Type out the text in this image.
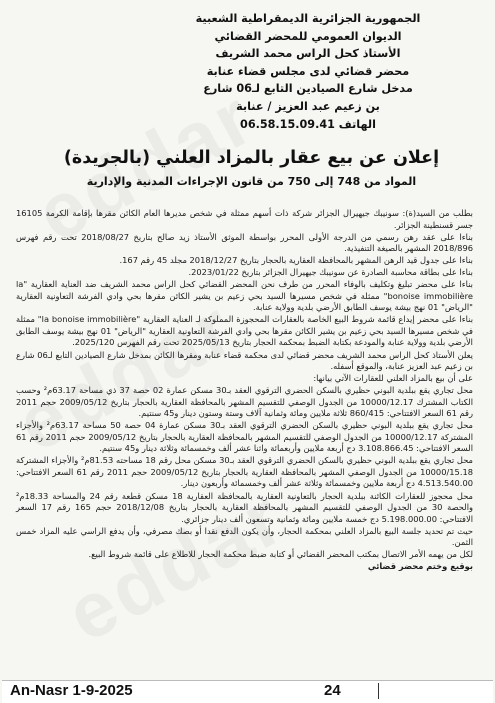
الجمهورية الجزائرية الديمقراطية الشعبية
الديوان العمومي للمحضر القضائي
الأستاذ كحل الراس محمد الشريف
محضر قضائي لدى مجلس قضاء عنابة
مدخل شارع الصيادين التابع لـ06 شارع
بن زعيم عبد العزيز / عنابة
الهاتف 06.58.15.09.41
إعلان عن بيع عقار بالمزاد العلني (بالجريدة)
المواد من 748 إلى 750 من قانون الإجراءات المدنية والإدارية
بطلب من السيد(ة): سونيبك جيهيرال الجزائر شركة ذات أسهم ممثلة في شخص مديرها العام الكائن مقرها بإقامة الكرمة 16105 جسر قسنطينة الجزائر.
بناءا على عقد رهن رسمي من الدرجة الأولى المحرر بواسطة الموثق الأستاذ زيد صالح بتاريخ 2018/08/27 تحت رقم فهرس 2018/896 المشهر بالصيغة التنفيذية.
بناءا على جدول قيد الرهن المشهر بالمحافظة العقارية بالحجار بتاريخ 2018/12/27 مجلد 45 رقم 167.
بناءا على بطاقة محاسبة الصادرة عن سونيبك جيهيرال الجزائر بتاريخ 2023/01/22.
بناءا على محضر تبليغ وتكليف بالوفاء المحرر من طرف نحن المحضر القضائي كحل الراس محمد الشريف ضد العناية العقارية "la bonoise immobilière" ممثلة في شخص مسيرها السيد بحي زعيم بن يشير الكائن مقرها بحي وادي الفرشة التعاونية العقارية "الرياض" 01 نهج بيشة يوسف الطابق الأرضي بلدية وولاية عنابة.
بناءا على محضر إيداع قائمة شروط البيع الخاصة بالعقارات المحجوزة المملوكة لـ العناية العقارية "la bonoise immobilière" ممثلة في شخص مسيرها السيد بحي زعيم بن يشير الكائن مقرها بحي وادي الفرشة التعاونية العقارية "الرياض" 01 نهج بيشة يوسف الطابق الأرضي بلدية وولاية عنابة والمودعة بكتابة الضبط بمحكمة الحجار بتاريخ 2025/05/13 تحت رقم الفهرس 2025/120.
يعلن الأستاذ كحل الراس محمد الشريف محضر قضائي لدى محكمة قضاء عنابة ومقرها الكائن بمدخل شارع الصيادين التابع لـ06 شارع بن زعيم عبد العزيز عنابة، والموقع أسفله.
على أن بيع بالمزاد العلني للعقارات الآتي بيانها:
محل تجاري يقع ببلدية البوني حظيري بالسكن الحضري الترقوي العقد بـ30 مسكن عمارة 02 حصة 37 ذي مساحة 63.17م² وحسب الكتاب المشترك 10000/12.17 من الجدول الوصفي للتقسيم المشهر بالمحافظة العقارية بالحجار بتاريخ 2009/05/12 حجم 2011 رقم 61 السعر الافتتاحي: 860/415 ثلاثة ملايين ومائة وثمانية آلاف وستة وستون دينار و45 سنتيم.
محل تجاري يقع ببلدية البوني حظيري بالسكن الحضري الترقوي العقد بـ30 مسكن عمارة 04 حصة 50 مساحة 63.17م² والأجزاء المشتركة 10000/12.17 من الجدول الوصفي للتقسيم المشهر بالمحافظة العقارية بالحجار بتاريخ 2009/05/12 حجم 2011 رقم 61 السعر الافتتاحي: 3.108.866.45 دج أربعة ملايين وأربعمائة واثنا عشر ألف وخمسمائة وثلاثة دينار و45 سنتيم.
محل تجاري يقع ببلدية البوني حظيري بالسكن الحضري الترقوي العقد بـ30 مسكن محل رقم 18 مساحته 81.53م² والأجزاء المشتركة 10000/15.18 من الجدول الوصفي المشهر بالمحافظة العقارية بالحجار بتاريخ 2009/05/12 حجم 2011 رقم 61 السعر الافتتاحي: 4.513.540.00 دج أربعة ملايين وخمسمائة وثلاثة عشر ألف وخمسمائة وأربعون دينار.
محل محجوز للعقارات الكائنة ببلدية الحجار بالتعاونية العقارية بالمحافظة العقارية 18 مسكن قطعة رقم 24 والمساحة 18.33م² والحصة 30 من الجدول الوصفي للتقسيم المشهر بالمحافظة العقارية بالحجار بتاريخ 2018/12/08 حجم 165 رقم 17 السعر الافتتاحي: 5.198.000.00 دج خمسة ملايين ومائة وثمانية وتسعون ألف دينار جزائري.
حيث تم تحديد جلسة البيع بالمزاد العلني بمحكمة الحجار، وأن يكون الدفع نقدا أو بصك مصرفي، وأن يدفع الراسي عليه المزاد خمس الثمن.
لكل من يهمه الأمر الاتصال بمكتب المحضر القضائي أو كتابة ضبط محكمة الحجار للاطلاع على قائمة شروط البيع.
بوقيع وختم محضر قضائي
An-Nasr 1-9-2025	24
